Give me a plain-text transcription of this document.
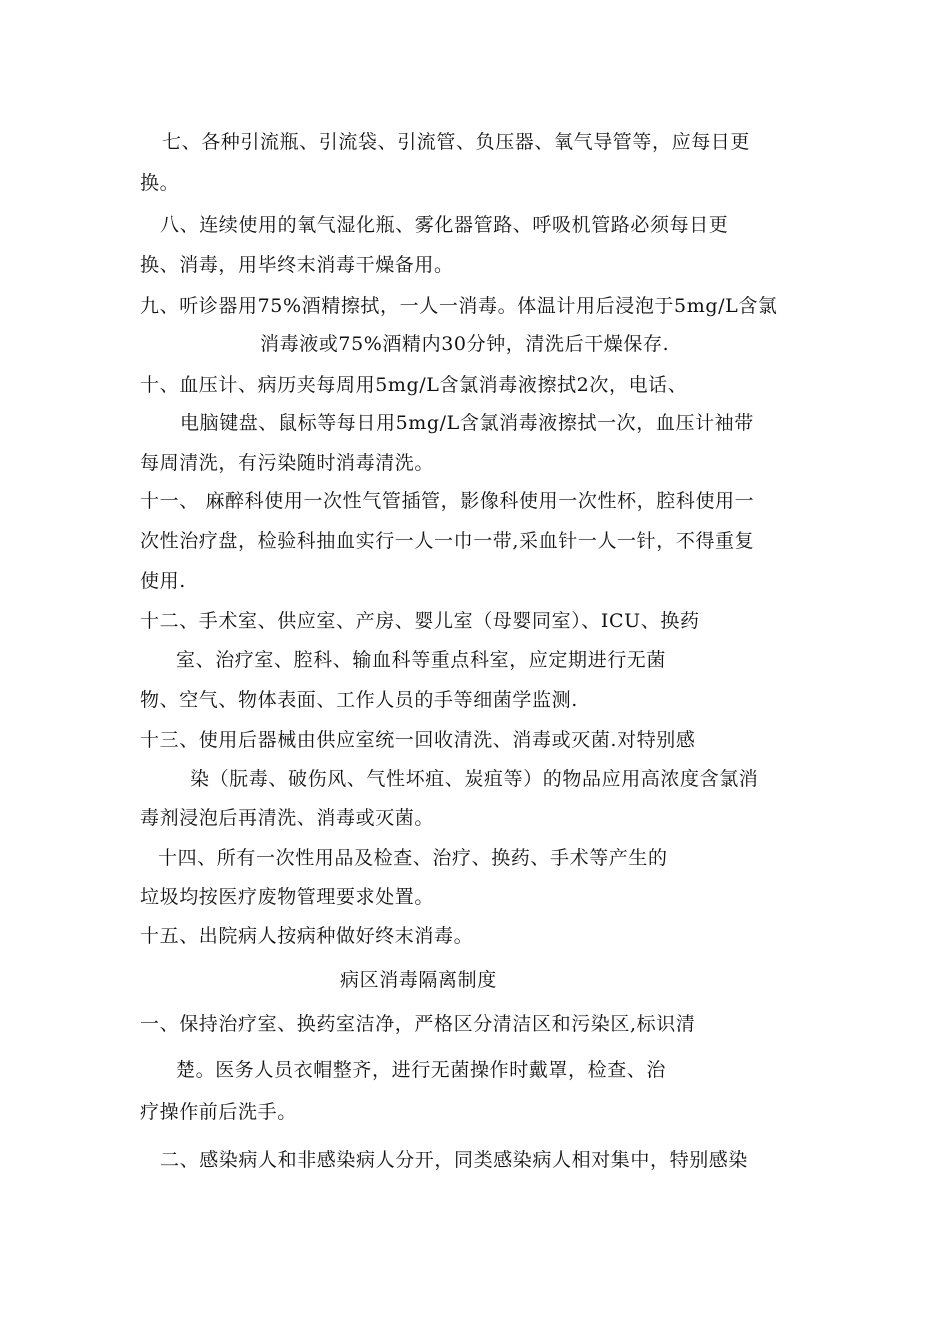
七、各种引流瓶、引流袋、引流管、负压器、氧气导管等，应每日更
换。
八、连续使用的氧气湿化瓶、雾化器管路、呼吸机管路必须每日更
换、消毒，用毕终末消毒干燥备用。
九、听诊器用75%酒精擦拭，一人一消毒。体温计用后浸泡于5mg/L含氯
消毒液或75%酒精内30分钟，清洗后干燥保存.
十、血压计、病历夹每周用5mg/L含氯消毒液擦拭2次，电话、
电脑键盘、鼠标等每日用5mg/L含氯消毒液擦拭一次，血压计袖带
每周清洗，有污染随时消毒清洗。
十一、 麻醉科使用一次性气管插管，影像科使用一次性杯，腔科使用一
次性治疗盘，检验科抽血实行一人一巾一带,采血针一人一针，不得重复
使用.
十二、手术室、供应室、产房、婴儿室（母婴同室）、ICU、换药
室、治疗室、腔科、输血科等重点科室，应定期进行无菌
物、空气、物体表面、工作人员的手等细菌学监测.
十三、使用后器械由供应室统一回收清洗、消毒或灭菌.对特别感
染（朊毒、破伤风、气性坏疽、炭疽等）的物品应用高浓度含氯消
毒剂浸泡后再清洗、消毒或灭菌。
十四、所有一次性用品及检查、治疗、换药、手术等产生的
垃圾均按医疗废物管理要求处置。
十五、出院病人按病种做好终末消毒。
病区消毒隔离制度
一、保持治疗室、换药室洁净，严格区分清洁区和污染区,标识清
楚。医务人员衣帽整齐，进行无菌操作时戴罩，检查、治
疗操作前后洗手。
二、感染病人和非感染病人分开，同类感染病人相对集中，特别感染
